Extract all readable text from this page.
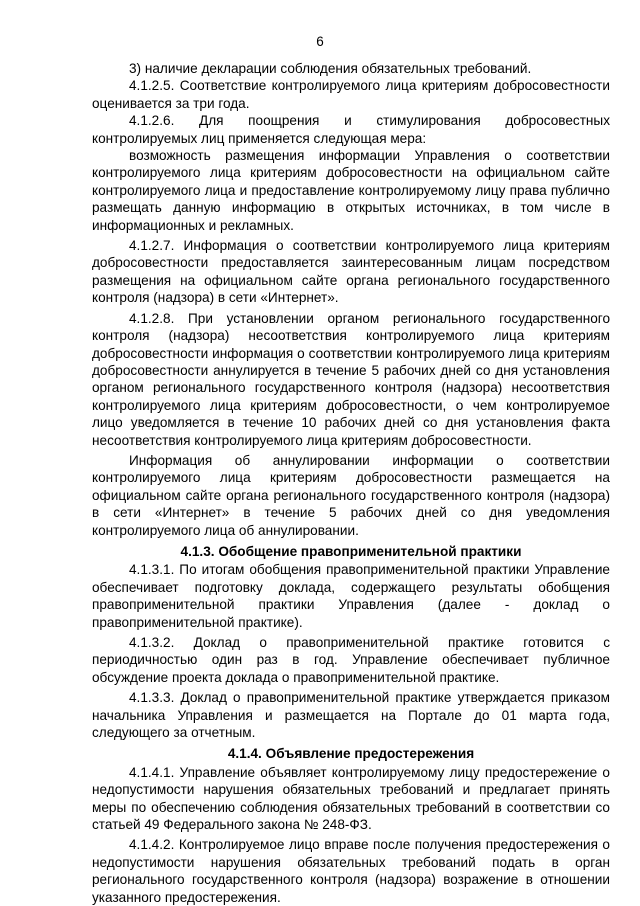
6

3) наличие декларации соблюдения обязательных требований.

4.1.2.5. Соответствие контролируемого лица критериям добросовестности оценивается за три года.

4.1.2.6. Для поощрения и стимулирования добросовестных контролируемых лиц применяется следующая мера:

возможность размещения информации Управления о соответствии контролируемого лица критериям добросовестности на официальном сайте контролируемого лица и предоставление контролируемому лицу права публично размещать данную информацию в открытых источниках, в том числе в информационных и рекламных.

4.1.2.7. Информация о соответствии контролируемого лица критериям добросовестности предоставляется заинтересованным лицам посредством размещения на официальном сайте органа регионального государственного контроля (надзора) в сети «Интернет».

4.1.2.8. При установлении органом регионального государственного контроля (надзора) несоответствия контролируемого лица критериям добросовестности информация о соответствии контролируемого лица критериям добросовестности аннулируется в течение 5 рабочих дней со дня установления органом регионального государственного контроля (надзора) несоответствия контролируемого лица критериям добросовестности, о чем контролируемое лицо уведомляется в течение 10 рабочих дней со дня установления факта несоответствия контролируемого лица критериям добросовестности.

Информация об аннулировании информации о соответствии контролируемого лица критериям добросовестности размещается на официальном сайте органа регионального государственного контроля (надзора) в сети «Интернет» в течение 5 рабочих дней со дня уведомления контролируемого лица об аннулировании.

4.1.3. Обобщение правоприменительной практики

4.1.3.1. По итогам обобщения правоприменительной практики Управление обеспечивает подготовку доклада, содержащего результаты обобщения правоприменительной практики Управления (далее - доклад о правоприменительной практике).

4.1.3.2. Доклад о правоприменительной практике готовится с периодичностью один раз в год. Управление обеспечивает публичное обсуждение проекта доклада о правоприменительной практике.

4.1.3.3. Доклад о правоприменительной практике утверждается приказом начальника Управления и размещается на Портале до 01 марта года, следующего за отчетным.

4.1.4. Объявление предостережения

4.1.4.1. Управление объявляет контролируемому лицу предостережение о недопустимости нарушения обязательных требований и предлагает принять меры по обеспечению соблюдения обязательных требований в соответствии со статьей 49 Федерального закона № 248-ФЗ.

4.1.4.2. Контролируемое лицо вправе после получения предостережения о недопустимости нарушения обязательных требований подать в орган регионального государственного контроля (надзора) возражение в отношении указанного предостережения.
